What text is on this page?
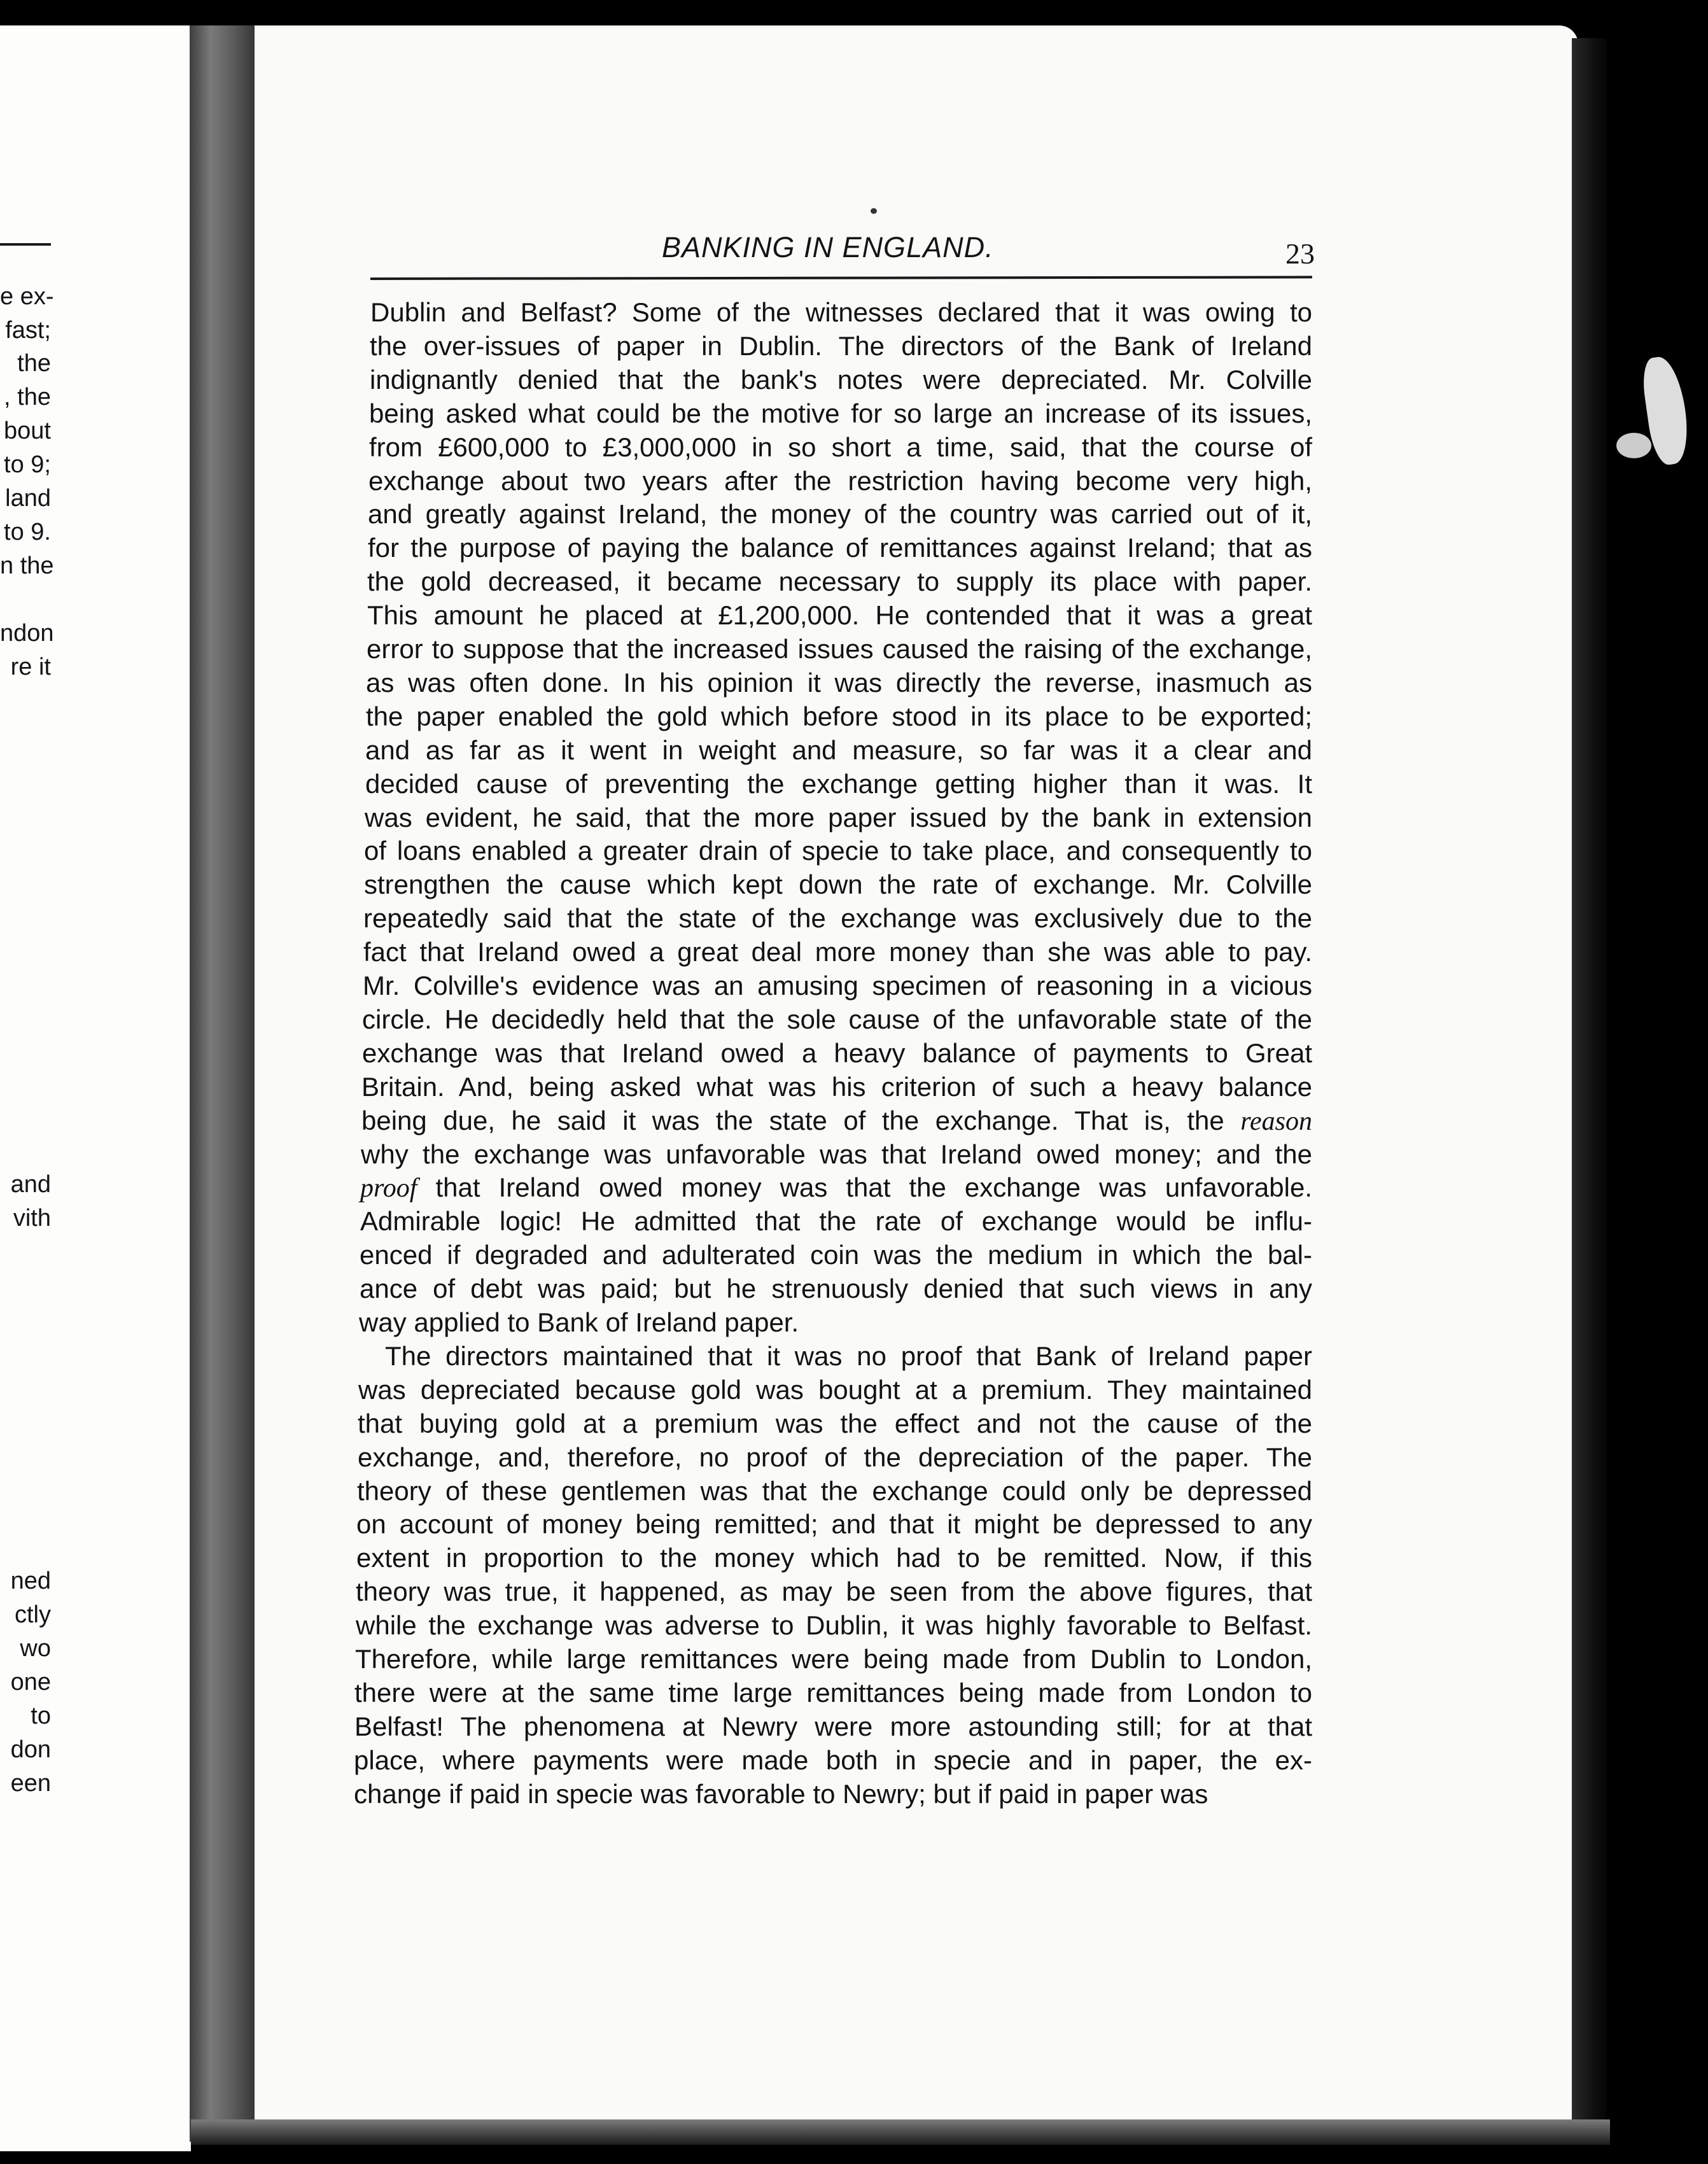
e ex-
fast;
the
, the
bout
to 9;
land
to 9.
n the
ndon
re it
and
vith
ned
ctly
wo
one
to
don
een
BANKING IN ENGLAND.	23
Dublin and Belfast? Some of the witnesses declared that it was owing to
the over-issues of paper in Dublin. The directors of the Bank of Ireland
indignantly denied that the bank's notes were depreciated. Mr. Colville
being asked what could be the motive for so large an increase of its issues,
from £600,000 to £3,000,000 in so short a time, said, that the course of
exchange about two years after the restriction having become very high,
and greatly against Ireland, the money of the country was carried out of it,
for the purpose of paying the balance of remittances against Ireland; that as
the gold decreased, it became necessary to supply its place with paper.
This amount he placed at £1,200,000. He contended that it was a great
error to suppose that the increased issues caused the raising of the exchange,
as was often done. In his opinion it was directly the reverse, inasmuch as
the paper enabled the gold which before stood in its place to be exported;
and as far as it went in weight and measure, so far was it a clear and
decided cause of preventing the exchange getting higher than it was. It
was evident, he said, that the more paper issued by the bank in extension
of loans enabled a greater drain of specie to take place, and consequently to
strengthen the cause which kept down the rate of exchange. Mr. Colville
repeatedly said that the state of the exchange was exclusively due to the
fact that Ireland owed a great deal more money than she was able to pay.
Mr. Colville's evidence was an amusing specimen of reasoning in a vicious
circle. He decidedly held that the sole cause of the unfavorable state of the
exchange was that Ireland owed a heavy balance of payments to Great
Britain. And, being asked what was his criterion of such a heavy balance
being due, he said it was the state of the exchange. That is, the reason
why the exchange was unfavorable was that Ireland owed money; and the
proof that Ireland owed money was that the exchange was unfavorable.
Admirable logic! He admitted that the rate of exchange would be influ-
enced if degraded and adulterated coin was the medium in which the bal-
ance of debt was paid; but he strenuously denied that such views in any
way applied to Bank of Ireland paper.
The directors maintained that it was no proof that Bank of Ireland paper
was depreciated because gold was bought at a premium. They maintained
that buying gold at a premium was the effect and not the cause of the
exchange, and, therefore, no proof of the depreciation of the paper. The
theory of these gentlemen was that the exchange could only be depressed
on account of money being remitted; and that it might be depressed to any
extent in proportion to the money which had to be remitted. Now, if this
theory was true, it happened, as may be seen from the above figures, that
while the exchange was adverse to Dublin, it was highly favorable to Belfast.
Therefore, while large remittances were being made from Dublin to London,
there were at the same time large remittances being made from London to
Belfast! The phenomena at Newry were more astounding still; for at that
place, where payments were made both in specie and in paper, the ex-
change if paid in specie was favorable to Newry; but if paid in paper was
